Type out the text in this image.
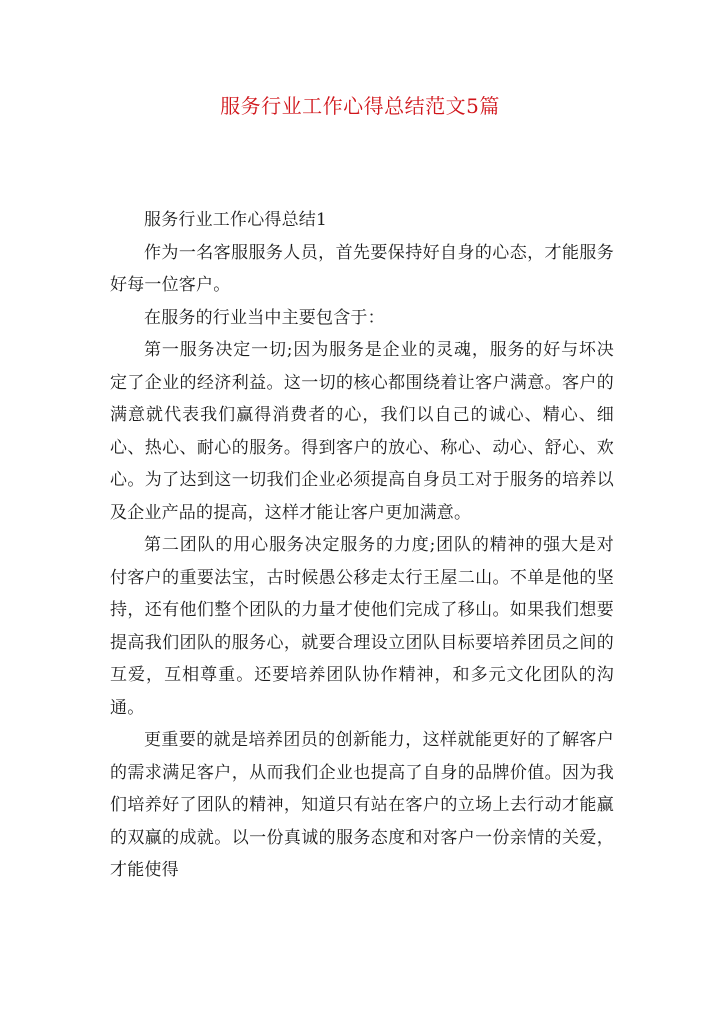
服务行业工作心得总结范文5篇

服务行业工作心得总结1

作为一名客服服务人员，首先要保持好自身的心态，才能服务好每一位客户。

在服务的行业当中主要包含于：

第一服务决定一切;因为服务是企业的灵魂，服务的好与坏决定了企业的经济利益。这一切的核心都围绕着让客户满意。客户的满意就代表我们赢得消费者的心，我们以自己的诚心、精心、细心、热心、耐心的服务。得到客户的放心、称心、动心、舒心、欢心。为了达到这一切我们企业必须提高自身员工对于服务的培养以及企业产品的提高，这样才能让客户更加满意。

第二团队的用心服务决定服务的力度;团队的精神的强大是对付客户的重要法宝，古时候愚公移走太行王屋二山。不单是他的坚持，还有他们整个团队的力量才使他们完成了移山。如果我们想要提高我们团队的服务心，就要合理设立团队目标要培养团员之间的互爱，互相尊重。还要培养团队协作精神，和多元文化团队的沟通。

更重要的就是培养团员的创新能力，这样就能更好的了解客户的需求满足客户，从而我们企业也提高了自身的品牌价值。因为我们培养好了团队的精神，知道只有站在客户的立场上去行动才能赢的双赢的成就。以一份真诚的服务态度和对客户一份亲情的关爱，才能使得
